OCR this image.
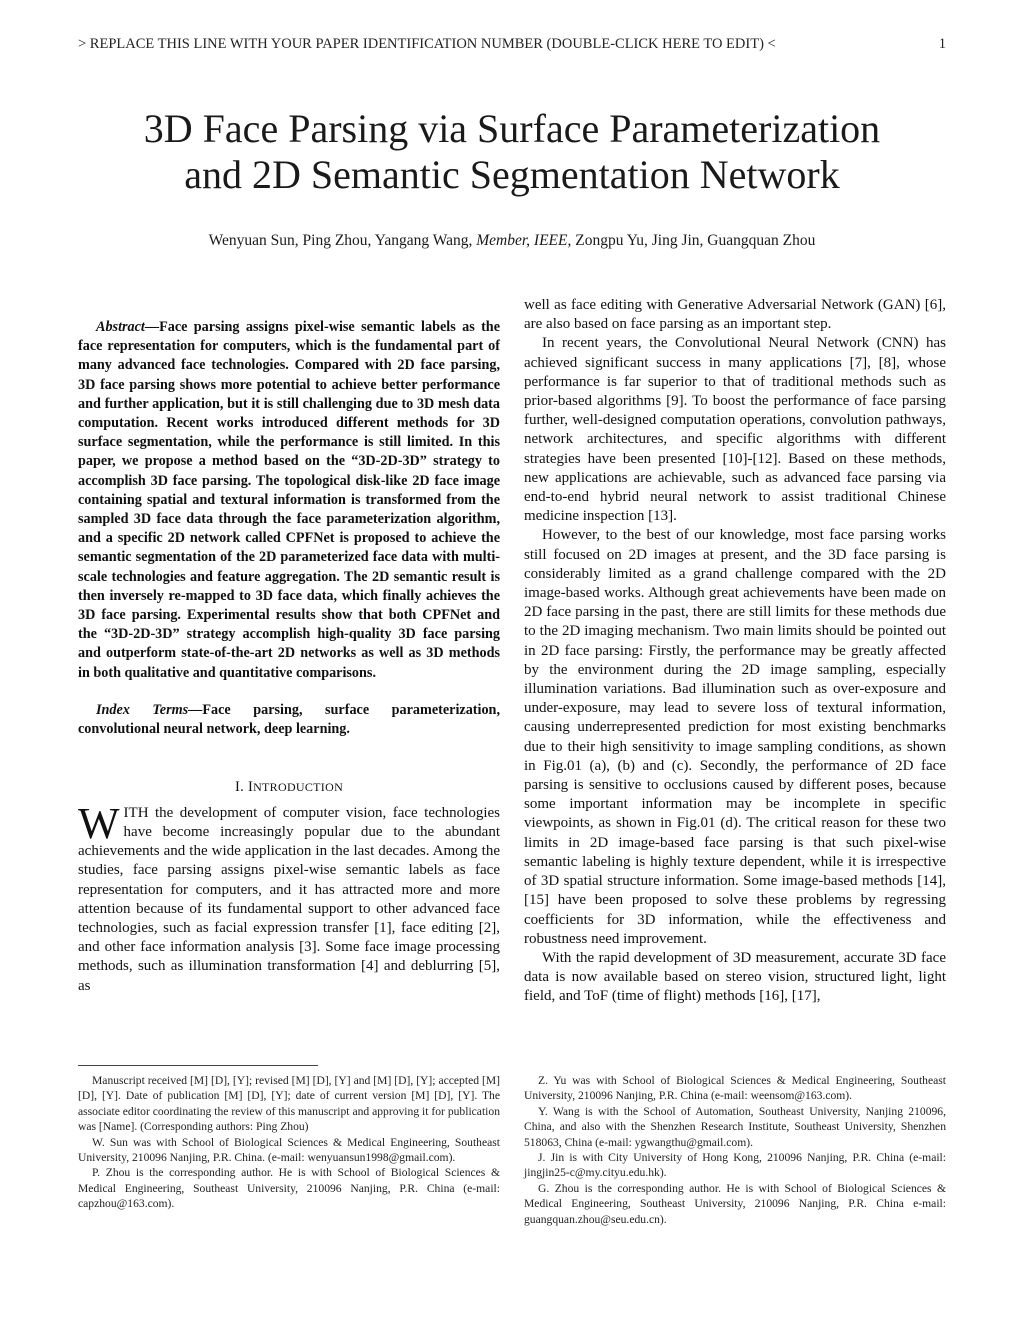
> REPLACE THIS LINE WITH YOUR PAPER IDENTIFICATION NUMBER (DOUBLE-CLICK HERE TO EDIT) <	1
3D Face Parsing via Surface Parameterization
and 2D Semantic Segmentation Network
Wenyuan Sun, Ping Zhou, Yangang Wang, Member, IEEE, Zongpu Yu, Jing Jin, Guangquan Zhou

Abstract—Face parsing assigns pixel-wise semantic labels as the face representation for computers, which is the fundamental part of many advanced face technologies. Compared with 2D face parsing, 3D face parsing shows more potential to achieve better performance and further application, but it is still challenging due to 3D mesh data computation. Recent works introduced different methods for 3D surface segmentation, while the performance is still limited. In this paper, we propose a method based on the “3D-2D-3D” strategy to accomplish 3D face parsing. The topological disk-like 2D face image containing spatial and textural information is transformed from the sampled 3D face data through the face parameterization algorithm, and a specific 2D network called CPFNet is proposed to achieve the semantic segmentation of the 2D parameterized face data with multi-scale technologies and feature aggregation. The 2D semantic result is then inversely re-mapped to 3D face data, which finally achieves the 3D face parsing. Experimental results show that both CPFNet and the “3D-2D-3D” strategy accomplish high-quality 3D face parsing and outperform state-of-the-art 2D networks as well as 3D methods in both qualitative and quantitative comparisons.

Index Terms—Face parsing, surface parameterization, convolutional neural network, deep learning.

I. INTRODUCTION

WITH the development of computer vision, face technologies have become increasingly popular due to the abundant achievements and the wide application in the last decades. Among the studies, face parsing assigns pixel-wise semantic labels as face representation for computers, and it has attracted more and more attention because of its fundamental support to other advanced face technologies, such as facial expression transfer [1], face editing [2], and other face information analysis [3]. Some face image processing methods, such as illumination transformation [4] and deblurring [5], as

well as face editing with Generative Adversarial Network (GAN) [6], are also based on face parsing as an important step.

In recent years, the Convolutional Neural Network (CNN) has achieved significant success in many applications [7], [8], whose performance is far superior to that of traditional methods such as prior-based algorithms [9]. To boost the performance of face parsing further, well-designed computation operations, convolution pathways, network architectures, and specific algorithms with different strategies have been presented [10]-[12]. Based on these methods, new applications are achievable, such as advanced face parsing via end-to-end hybrid neural network to assist traditional Chinese medicine inspection [13].

However, to the best of our knowledge, most face parsing works still focused on 2D images at present, and the 3D face parsing is considerably limited as a grand challenge compared with the 2D image-based works. Although great achievements have been made on 2D face parsing in the past, there are still limits for these methods due to the 2D imaging mechanism. Two main limits should be pointed out in 2D face parsing: Firstly, the performance may be greatly affected by the environment during the 2D image sampling, especially illumination variations. Bad illumination such as over-exposure and under-exposure, may lead to severe loss of textural information, causing underrepresented prediction for most existing benchmarks due to their high sensitivity to image sampling conditions, as shown in Fig.01 (a), (b) and (c). Secondly, the performance of 2D face parsing is sensitive to occlusions caused by different poses, because some important information may be incomplete in specific viewpoints, as shown in Fig.01 (d). The critical reason for these two limits in 2D image-based face parsing is that such pixel-wise semantic labeling is highly texture dependent, while it is irrespective of 3D spatial structure information. Some image-based methods [14], [15] have been proposed to solve these problems by regressing coefficients for 3D information, while the effectiveness and robustness need improvement.

With the rapid development of 3D measurement, accurate 3D face data is now available based on stereo vision, structured light, light field, and ToF (time of flight) methods [16], [17],

Manuscript received [M] [D], [Y]; revised [M] [D], [Y] and [M] [D], [Y]; accepted [M] [D], [Y]. Date of publication [M] [D], [Y]; date of current version [M] [D], [Y]. The associate editor coordinating the review of this manuscript and approving it for publication was [Name]. (Corresponding authors: Ping Zhou)

W. Sun was with School of Biological Sciences & Medical Engineering, Southeast University, 210096 Nanjing, P.R. China. (e-mail: wenyuansun1998@gmail.com).

P. Zhou is the corresponding author. He is with School of Biological Sciences & Medical Engineering, Southeast University, 210096 Nanjing, P.R. China (e-mail: capzhou@163.com).

Z. Yu was with School of Biological Sciences & Medical Engineering, Southeast University, 210096 Nanjing, P.R. China (e-mail: weensom@163.com).

Y. Wang is with the School of Automation, Southeast University, Nanjing 210096, China, and also with the Shenzhen Research Institute, Southeast University, Shenzhen 518063, China (e-mail: ygwangthu@gmail.com).

J. Jin is with City University of Hong Kong, 210096 Nanjing, P.R. China (e-mail: jingjin25-c@my.cityu.edu.hk).

G. Zhou is the corresponding author. He is with School of Biological Sciences & Medical Engineering, Southeast University, 210096 Nanjing, P.R. China e-mail: guangquan.zhou@seu.edu.cn).
